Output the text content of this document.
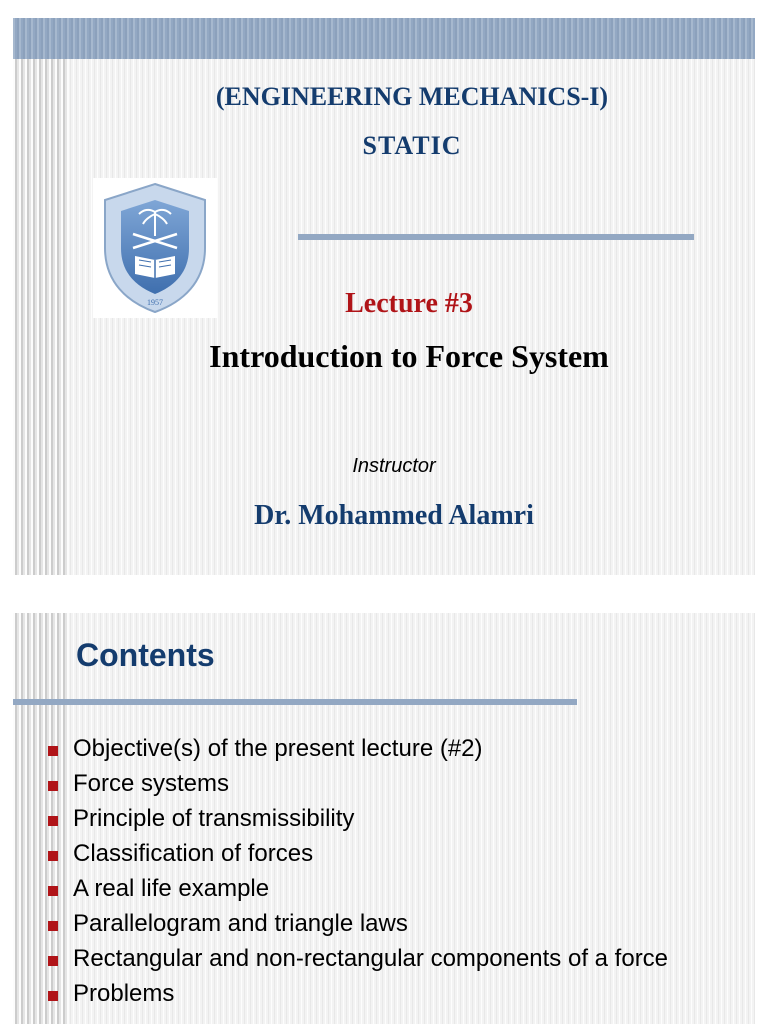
(ENGINEERING MECHANICS-I)
STATIC
1957	Lecture #3
Introduction to Force System
Instructor
Dr. Mohammed Alamri
Contents
Objective(s) of the present lecture (#2)
Force systems
Principle of transmissibility
Classification of forces
A real life example
Parallelogram and triangle laws
Rectangular and non-rectangular components of a force
Problems
